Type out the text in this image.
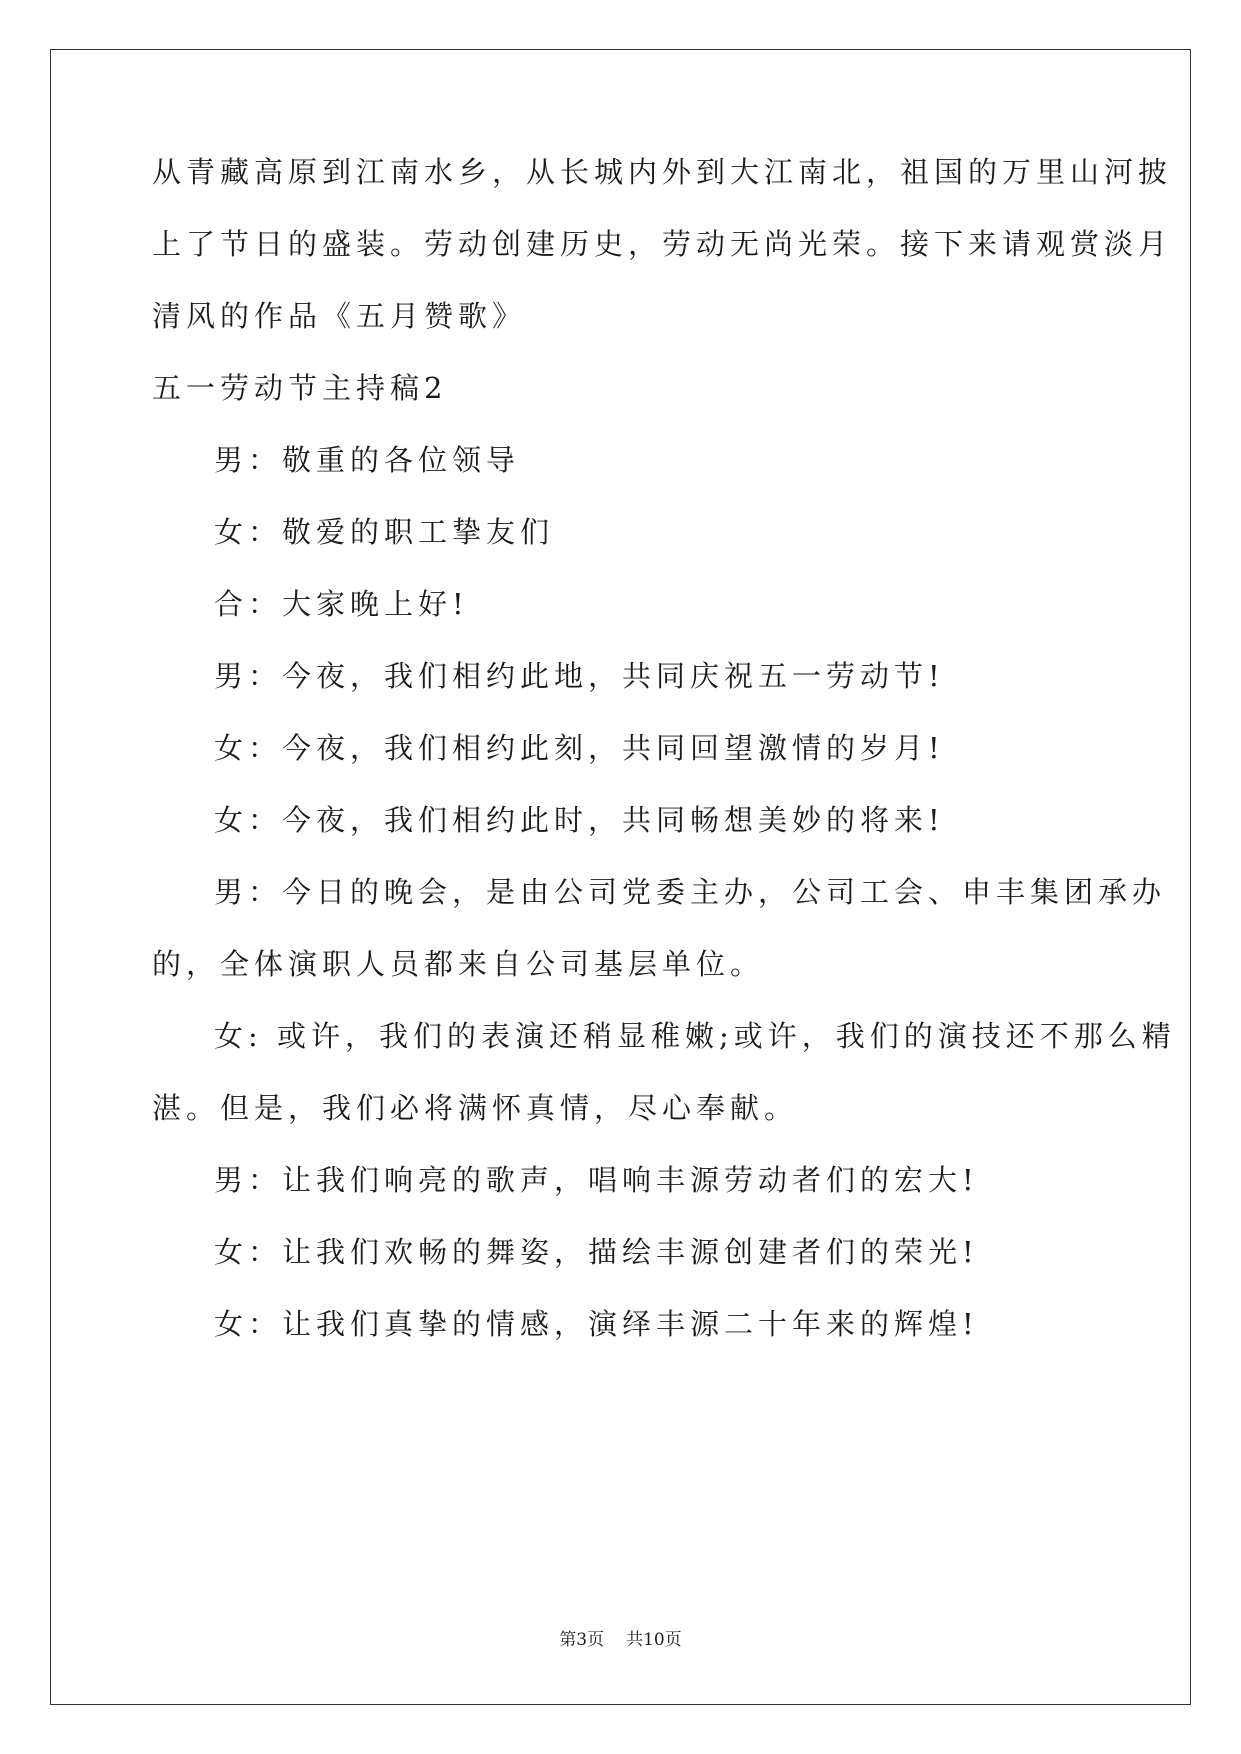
从青藏高原到江南水乡，从长城内外到大江南北，祖国的万里山河披
上了节日的盛装。劳动创建历史，劳动无尚光荣。接下来请观赏淡月
清风的作品《五月赞歌》
五一劳动节主持稿2
男：敬重的各位领导
女：敬爱的职工挚友们
合：大家晚上好!
男：今夜，我们相约此地，共同庆祝五一劳动节!
女：今夜，我们相约此刻，共同回望激情的岁月!
女：今夜，我们相约此时，共同畅想美妙的将来!
男：今日的晚会，是由公司党委主办，公司工会、申丰集团承办
的，全体演职人员都来自公司基层单位。
女: 或许，我们的表演还稍显稚嫩;或许，我们的演技还不那么精
湛。但是，我们必将满怀真情，尽心奉献。
男：让我们响亮的歌声，唱响丰源劳动者们的宏大!
女：让我们欢畅的舞姿，描绘丰源创建者们的荣光!
女：让我们真挚的情感，演绎丰源二十年来的辉煌!
第3页 共10页
